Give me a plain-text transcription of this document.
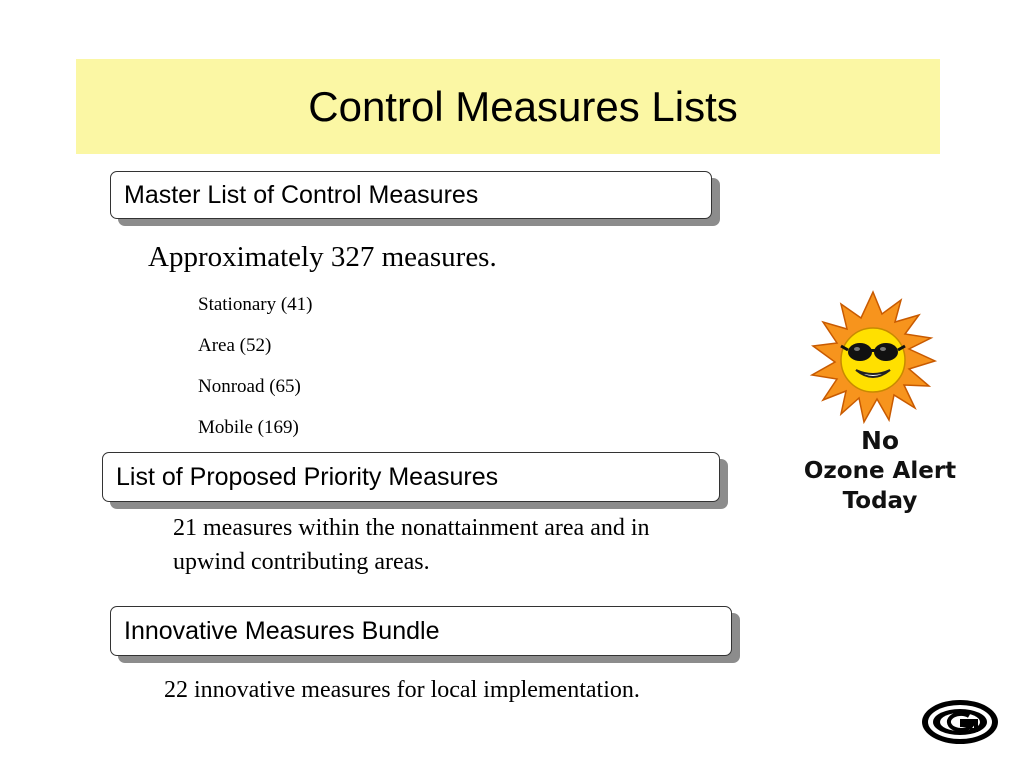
Control Measures Lists
Master List of Control Measures
Approximately 327 measures.
Stationary (41)
Area (52)
Nonroad (65)
Mobile (169)
List of Proposed Priority Measures
21 measures within the nonattainment area and in
upwind contributing areas.
Innovative Measures Bundle
22 innovative measures for local implementation.
No
Ozone Alert
Today
